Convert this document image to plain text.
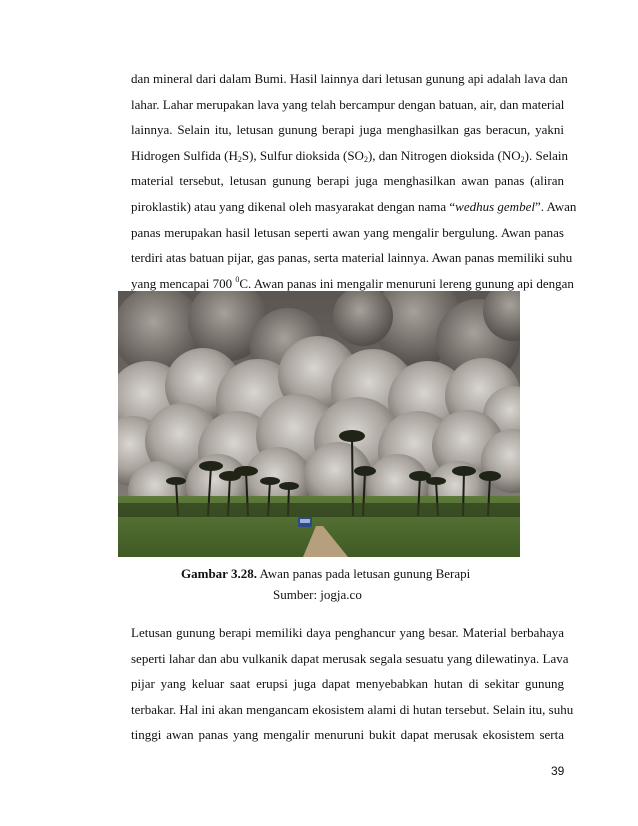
dan mineral dari dalam Bumi. Hasil lainnya dari letusan gunung api adalah lava dan
lahar. Lahar merupakan lava yang telah bercampur dengan batuan, air, dan material
lainnya. Selain itu, letusan gunung berapi juga menghasilkan gas beracun, yakni
Hidrogen Sulfida $(H_2S)$, Sulfur dioksida $(SO_2)$, dan Nitrogen dioksida $(NO_2)$. Selain
material tersebut, letusan gunung berapi juga menghasilkan awan panas (aliran
piroklastik) atau yang dikenal oleh masyarakat dengan nama “wedhus gembel”. Awan
panas merupakan hasil letusan seperti awan yang mengalir bergulung. Awan panas
terdiri atas batuan pijar, gas panas, serta material lainnya. Awan panas memiliki suhu
yang mencapai 700 $^0$C. Awan panas ini mengalir menuruni lereng gunung api dengan
Gambar 3.28. Awan panas pada letusan gunung Berapi
Sumber: jogja.co
Letusan gunung berapi memiliki daya penghancur yang besar. Material berbahaya
seperti lahar dan abu vulkanik dapat merusak segala sesuatu yang dilewatinya. Lava
pijar yang keluar saat erupsi juga dapat menyebabkan hutan di sekitar gunung
terbakar. Hal ini akan mengancam ekosistem alami di hutan tersebut. Selain itu, suhu
tinggi awan panas yang mengalir menuruni bukit dapat merusak ekosistem serta
39
